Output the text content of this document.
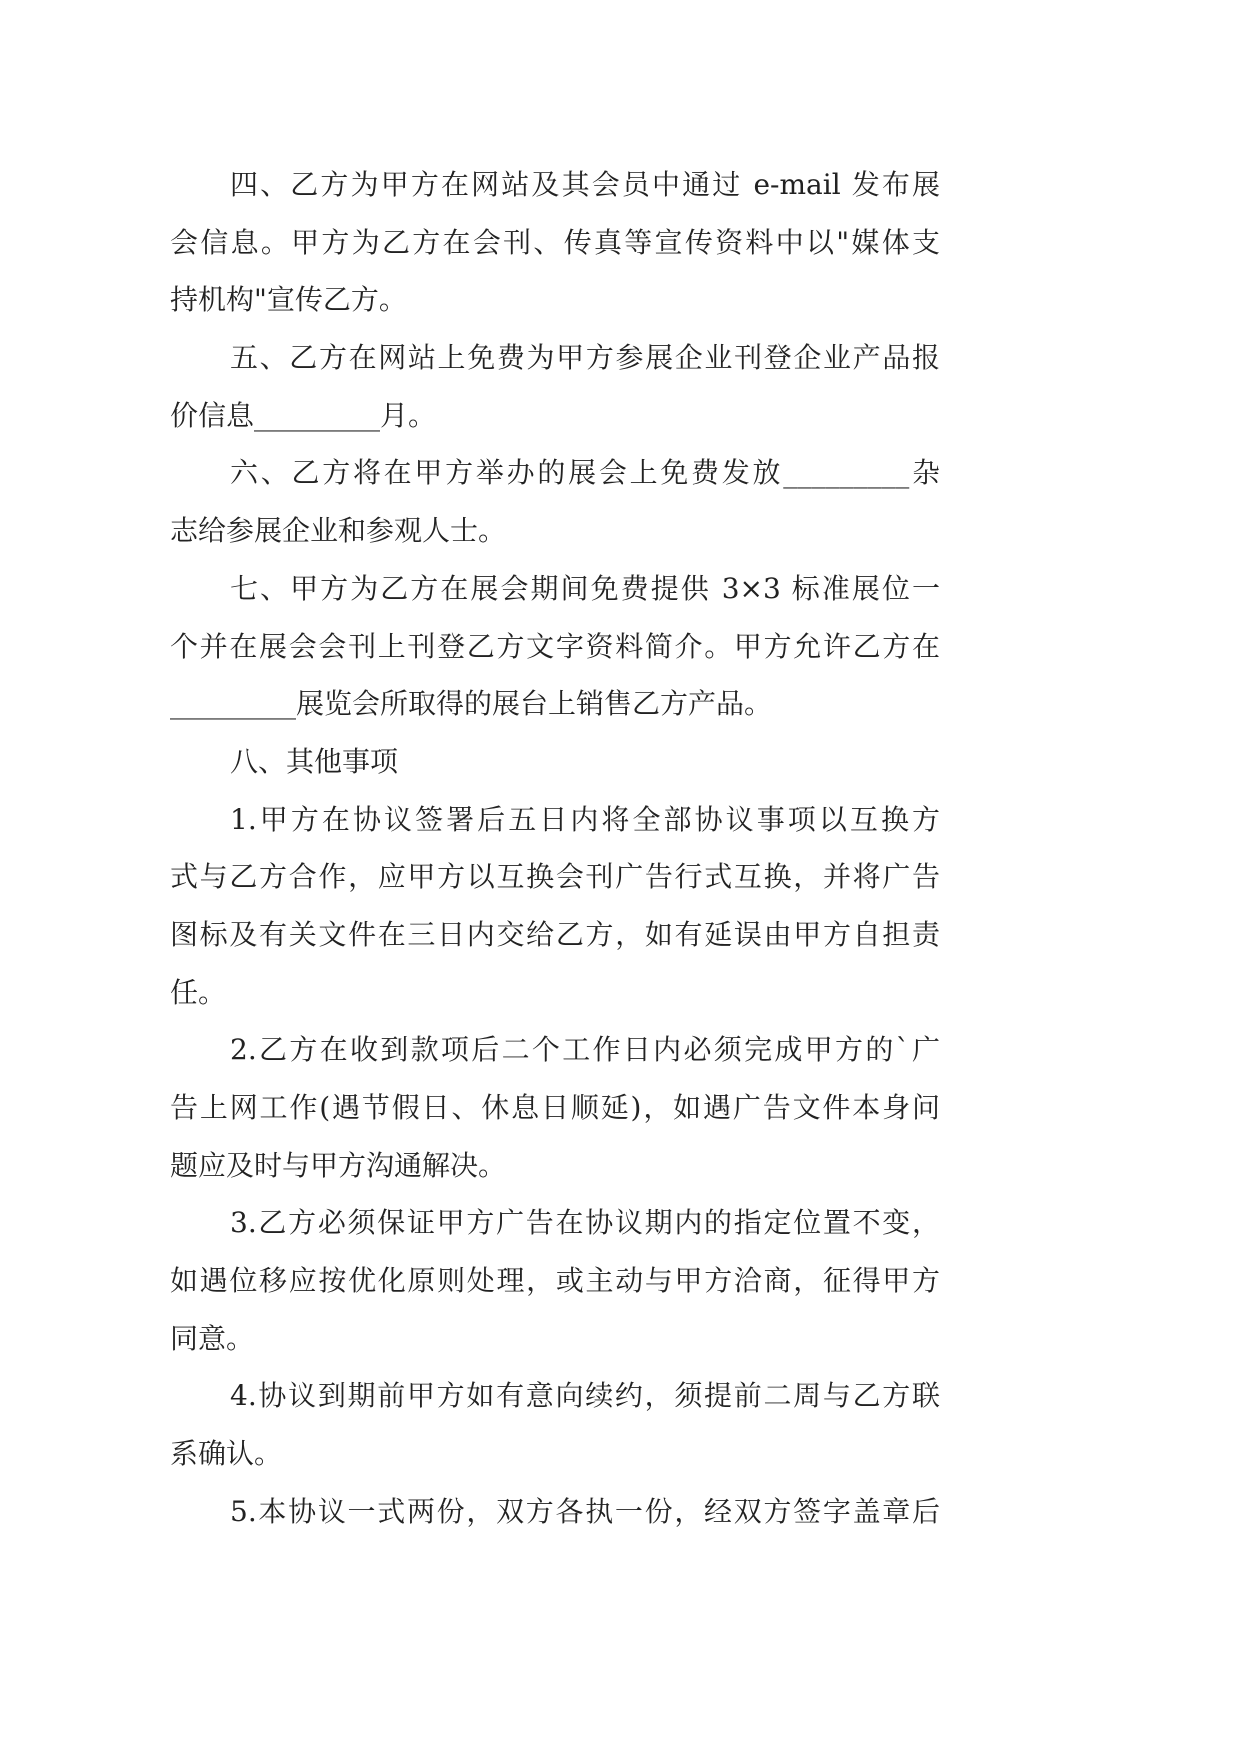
四、乙方为甲方在网站及其会员中通过 e-mail 发布展
会信息。甲方为乙方在会刊、传真等宣传资料中以"媒体支
持机构"宣传乙方。
五、乙方在网站上免费为甲方参展企业刊登企业产品报
价信息_________月。
六、乙方将在甲方举办的展会上免费发放_________杂
志给参展企业和参观人士。
七、甲方为乙方在展会期间免费提供 3×3 标准展位一
个并在展会会刊上刊登乙方文字资料简介。甲方允许乙方在
_________展览会所取得的展台上销售乙方产品。
八、其他事项
1.甲方在协议签署后五日内将全部协议事项以互换方
式与乙方合作，应甲方以互换会刊广告行式互换，并将广告
图标及有关文件在三日内交给乙方，如有延误由甲方自担责
任。
2.乙方在收到款项后二个工作日内必须完成甲方的`广
告上网工作(遇节假日、休息日顺延)，如遇广告文件本身问
题应及时与甲方沟通解决。
3.乙方必须保证甲方广告在协议期内的指定位置不变，
如遇位移应按优化原则处理，或主动与甲方洽商，征得甲方
同意。
4.协议到期前甲方如有意向续约，须提前二周与乙方联
系确认。
5.本协议一式两份，双方各执一份，经双方签字盖章后
